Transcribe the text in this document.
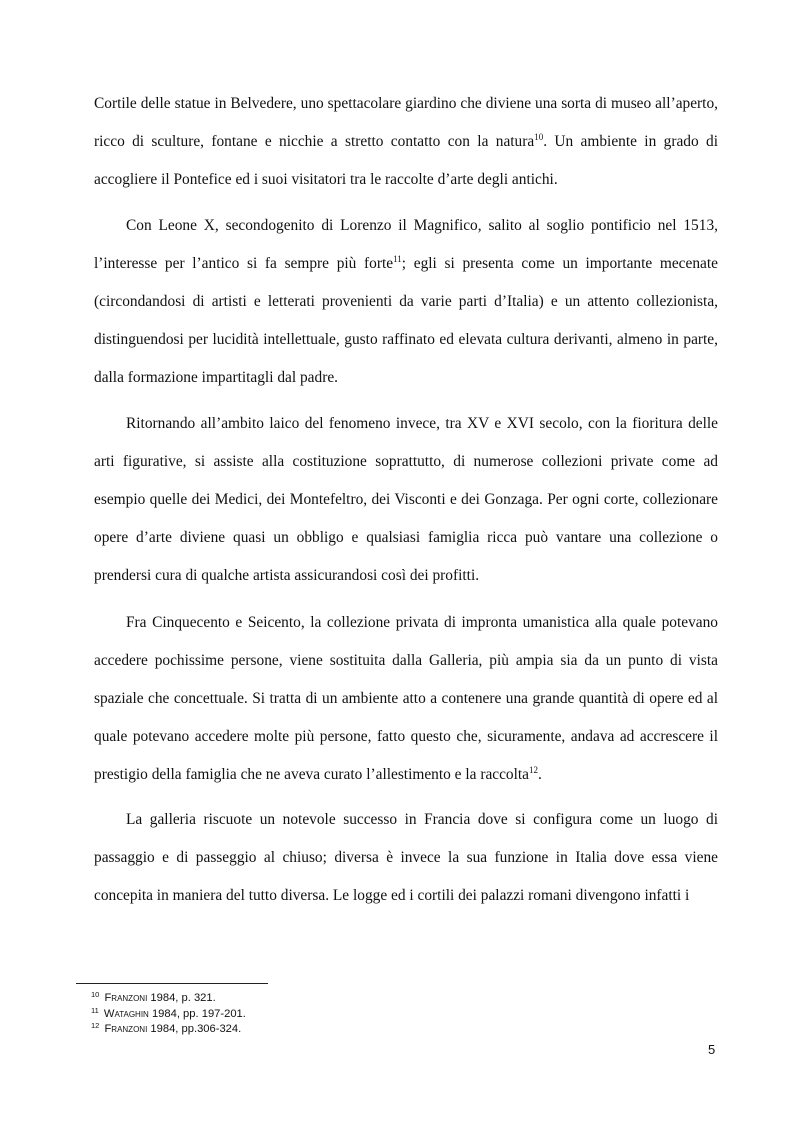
Cortile delle statue in Belvedere, uno spettacolare giardino che diviene una sorta di museo all’aperto, ricco di sculture, fontane e nicchie a stretto contatto con la natura$^{10}$. Un ambiente in grado di accogliere il Pontefice ed i suoi visitatori tra le raccolte d’arte degli antichi.

Con Leone X, secondogenito di Lorenzo il Magnifico, salito al soglio pontificio nel 1513, l’interesse per l’antico si fa sempre più forte$^{11}$; egli si presenta come un importante mecenate (circondandosi di artisti e letterati provenienti da varie parti d’Italia) e un attento collezionista, distinguendosi per lucidità intellettuale, gusto raffinato ed elevata cultura derivanti, almeno in parte, dalla formazione impartitagli dal padre.

Ritornando all’ambito laico del fenomeno invece, tra XV e XVI secolo, con la fioritura delle arti figurative, si assiste alla costituzione soprattutto, di numerose collezioni private come ad esempio quelle dei Medici, dei Montefeltro, dei Visconti e dei Gonzaga. Per ogni corte, collezionare opere d’arte diviene quasi un obbligo e qualsiasi famiglia ricca può vantare una collezione o prendersi cura di qualche artista assicurandosi così dei profitti.

Fra Cinquecento e Seicento, la collezione privata di impronta umanistica alla quale potevano accedere pochissime persone, viene sostituita dalla Galleria, più ampia sia da un punto di vista spaziale che concettuale. Si tratta di un ambiente atto a contenere una grande quantità di opere ed al quale potevano accedere molte più persone, fatto questo che, sicuramente, andava ad accrescere il prestigio della famiglia che ne aveva curato l’allestimento e la raccolta$^{12}$.

La galleria riscuote un notevole successo in Francia dove si configura come un luogo di passaggio e di passeggio al chiuso; diversa è invece la sua funzione in Italia dove essa viene concepita in maniera del tutto diversa. Le logge ed i cortili dei palazzi romani divengono infatti i

$^{10}$ Franzoni 1984, p. 321.
$^{11}$ Wataghin 1984, pp. 197-201.
$^{12}$ Franzoni 1984, pp.306-324.
5
